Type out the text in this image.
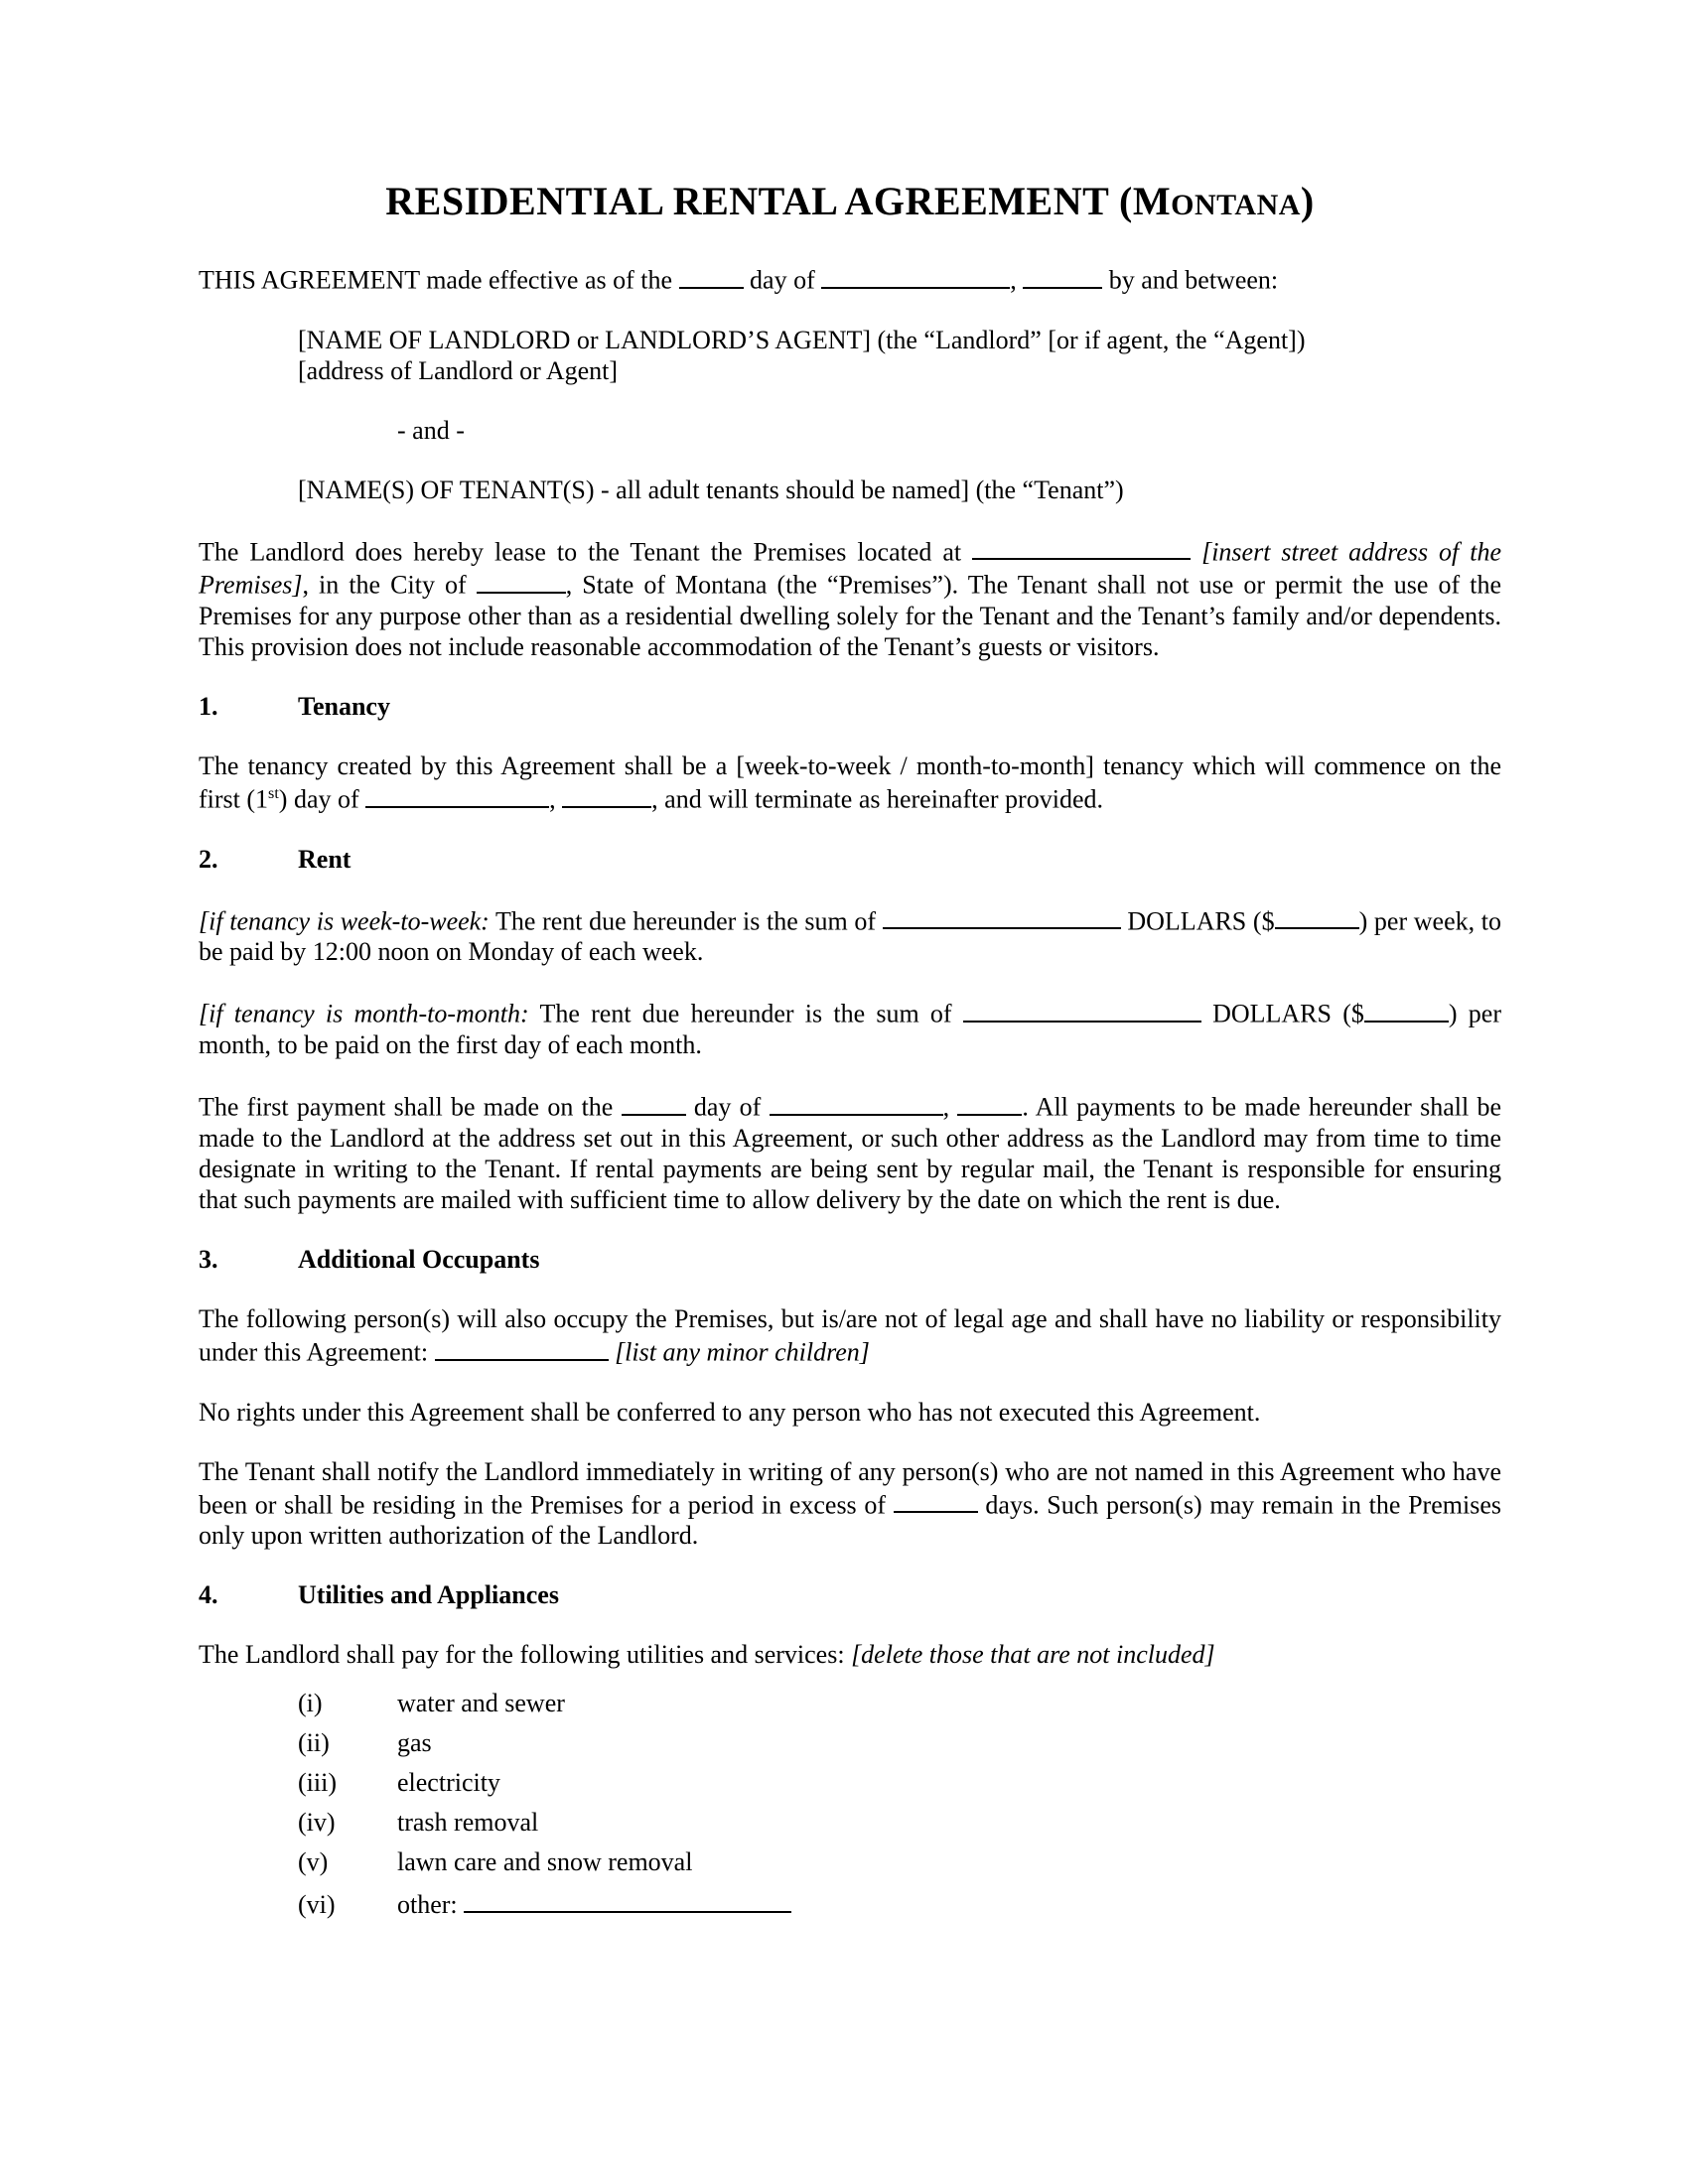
RESIDENTIAL RENTAL AGREEMENT (MONTANA)

THIS AGREEMENT made effective as of the	day of	,	by and between:

[NAME OF LANDLORD or LANDLORD’S AGENT] (the “Landlord” [or if agent, the “Agent])
[address of Landlord or Agent]

- and -

[NAME(S) OF TENANT(S) - all adult tenants should be named] (the “Tenant”)

The Landlord does hereby lease to the Tenant the Premises located at	[insert street address of the Premises], in the City of	, State of Montana (the “Premises”). The Tenant shall not use or permit the use of the Premises for any purpose other than as a residential dwelling solely for the Tenant and the Tenant’s family and/or dependents. This provision does not include reasonable accommodation of the Tenant’s guests or visitors.

1.	Tenancy

The tenancy created by this Agreement shall be a [week-to-week / month-to-month] tenancy which will commence on the first (1st) day of	,	, and will terminate as hereinafter provided.

2.	Rent

[if tenancy is week-to-week: The rent due hereunder is the sum of	DOLLARS ($	) per week, to be paid by 12:00 noon on Monday of each week.

[if tenancy is month-to-month: The rent due hereunder is the sum of	DOLLARS ($	) per month, to be paid on the first day of each month.

The first payment shall be made on the	day of	,	. All payments to be made hereunder shall be made to the Landlord at the address set out in this Agreement, or such other address as the Landlord may from time to time designate in writing to the Tenant. If rental payments are being sent by regular mail, the Tenant is responsible for ensuring that such payments are mailed with sufficient time to allow delivery by the date on which the rent is due.

3.	Additional Occupants

The following person(s) will also occupy the Premises, but is/are not of legal age and shall have no liability or responsibility under this Agreement:	[list any minor children]

No rights under this Agreement shall be conferred to any person who has not executed this Agreement.

The Tenant shall notify the Landlord immediately in writing of any person(s) who are not named in this Agreement who have been or shall be residing in the Premises for a period in excess of	days. Such person(s) may remain in the Premises only upon written authorization of the Landlord.

4.	Utilities and Appliances

The Landlord shall pay for the following utilities and services: [delete those that are not included]

(i)	water and sewer
(ii)	gas
(iii) electricity
(iv) trash removal
(v)	lawn care and snow removal
(vi) other:
